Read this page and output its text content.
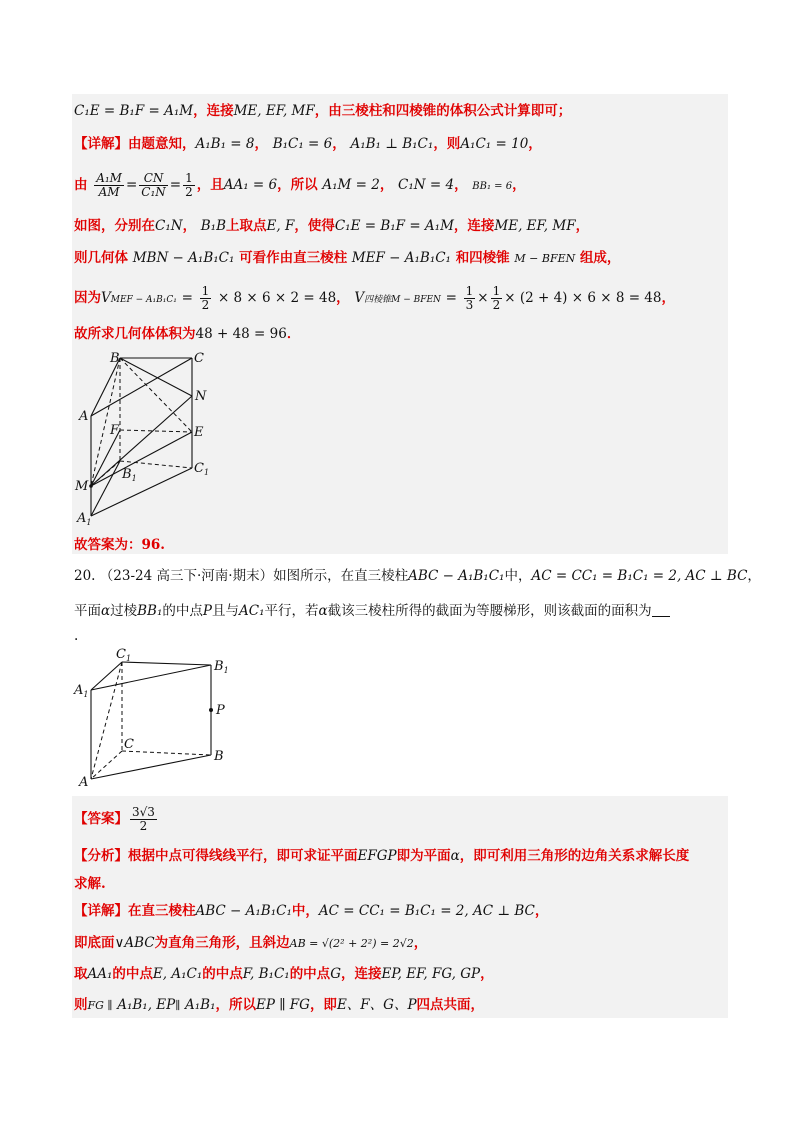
C₁E = B₁F = A₁M，连接ME, EF, MF，由三棱柱和四棱锥的体积公式计算即可；
【详解】由题意知，A₁B₁ = 8， B₁C₁ = 6， A₁B₁ ⊥ B₁C₁，则A₁C₁ = 10，
由 $\frac{\text{A₁M}}{AM} = \frac{CN}{\text{C₁N}} = \frac{1}{2}$ ，且AA₁ = 6，所以 A₁M = 2， C₁N = 4， BB₁ = 6，
如图，分别在C₁N， B₁B上取点E, F，使得C₁E = B₁F = A₁M，连接ME, EF, MF，
则几何体 MBN − A₁B₁C₁ 可看作由直三棱柱 MEF − A₁B₁C₁ 和四棱锥 M − BFEN 组成，
因为VMEF − $A_1B_1C_1 = \frac{1}{2} \times 8 \times 6 \times 2 = 48$， V四棱锥M − BFEN = $\frac{1}{3} \times \frac{1}{2} \times (2 + 4) \times 6 \times 8 = 48$，
故所求几何体体积为48 + 48 = 96．
B	C
N
A
F	E
$C_1$
$B_1$
M
$A_1$
故答案为：96.
20. （23-24 高三下·河南·期末）如图所示，在直三棱柱ABC − A₁B₁C₁中，AC = CC₁ = B₁C₁ = 2, AC ⊥ BC，
平面α过棱BB₁的中点P且与AC₁平行，若α截该三棱柱所得的截面为等腰梯形，则该截面的面积为
.
$C_1$
$B_1$
$A_1$
P
C
B
A
【答案】 $\frac{3√3}{2}$
【分析】根据中点可得线线平行，即可求证平面EFGP即为平面α，即可利用三角形的边角关系求解长度
求解.
【详解】在直三棱柱ABC − A₁B₁C₁中，AC = CC₁ = B₁C₁ = 2, AC ⊥ BC，
即底面∨ABC为直角三角形，且斜边AB = √(2² + 2²) = 2√2，
取AA₁的中点E, A₁C₁的中点F, B₁C₁的中点G，连接EP, EF, FG, GP，
则FG ∥ A₁B₁, EP∥ A₁B₁，所以EP ∥ FG，即E、F、G、P四点共面，
